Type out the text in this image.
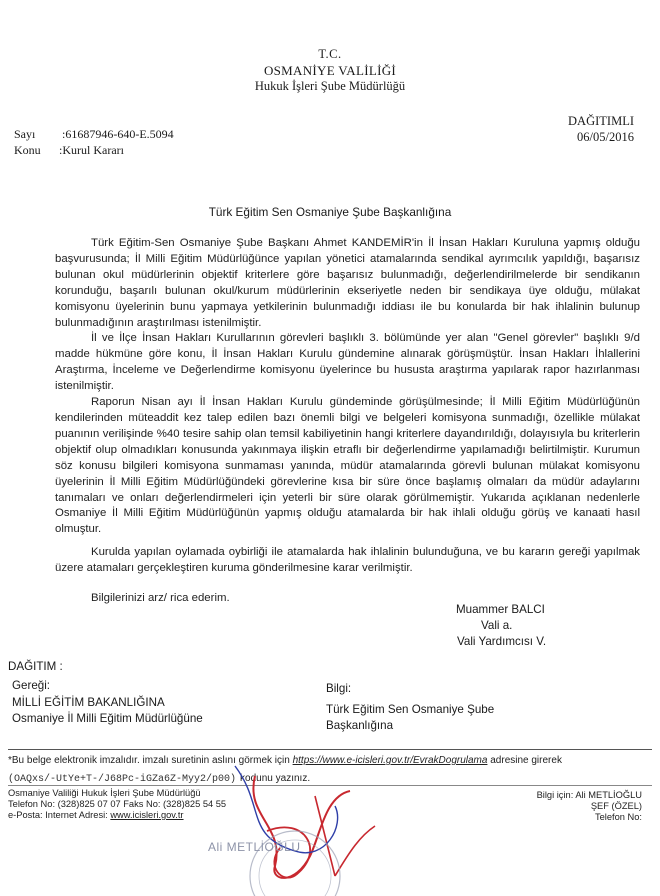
T.C.
OSMANİYE VALİLİĞİ
Hukuk İşleri Şube Müdürlüğü
DAĞITIMLI
06/05/2016
Sayı :61687946-640-E.5094
Konu :Kurul Kararı
Türk Eğitim Sen Osmaniye Şube Başkanlığına

Türk Eğitim-Sen Osmaniye Şube Başkanı Ahmet KANDEMİR'in İl İnsan Hakları Kuruluna yapmış olduğu başvurusunda; İl Milli Eğitim Müdürlüğünce yapılan yönetici atamalarında sendikal ayrımcılık yapıldığı, başarısız bulunan okul müdürlerinin objektif kriterlere göre başarısız bulunmadığı, değerlendirilmelerde bir sendikanın korunduğu, başarılı bulunan okul/kurum müdürlerinin ekseriyetle neden bir sendikaya üye olduğu, mülakat komisyonu üyelerinin bunu yapmaya yetkilerinin bulunmadığı iddiası ile bu konularda bir hak ihlalinin bulunup bulunmadığının araştırılması istenilmiştir.

İl ve İlçe İnsan Hakları Kurullarının görevleri başlıklı 3. bölümünde yer alan "Genel görevler" başlıklı 9/d madde hükmüne göre konu, İl İnsan Hakları Kurulu gündemine alınarak görüşmüştür. İnsan Hakları İhlallerini Araştırma, İnceleme ve Değerlendirme komisyonu üyelerince bu hususta araştırma yapılarak rapor hazırlanması istenilmiştir.

Raporun Nisan ayı İl İnsan Hakları Kurulu gündeminde görüşülmesinde; İl Milli Eğitim Müdürlüğünün kendilerinden müteaddit kez talep edilen bazı önemli bilgi ve belgeleri komisyona sunmadığı, özellikle mülakat puanının verilişinde %40 tesire sahip olan temsil kabiliyetinin hangi kriterlere dayandırıldığı, dolayısıyla bu kriterlerin objektif olup olmadıkları konusunda yakınmaya ilişkin etraflı bir değerlendirme yapılamadığı belirtilmiştir. Kurumun söz konusu bilgileri komisyona sunmaması yanında, müdür atamalarında görevli bulunan mülakat komisyonu üyelerinin İl Milli Eğitim Müdürlüğündeki görevlerine kısa bir süre önce başlamış olmaları da müdür adaylarını tanımaları ve onları değerlendirmeleri için yeterli bir süre olarak görülmemiştir. Yukarıda açıklanan nedenlerle Osmaniye İl Milli Eğitim Müdürlüğünün yapmış olduğu atamalarda bir hak ihlali olduğu görüş ve kanaati hasıl olmuştur.

Kurulda yapılan oylamada oybirliği ile atamalarda hak ihlalinin bulunduğuna, ve bu kararın gereği yapılmak üzere atamaları gerçekleştiren kuruma gönderilmesine karar verilmiştir.

Bilgilerinizi arz/ rica ederim.

Muammer BALCI
Vali a.
Vali Yardımcısı V.
DAĞITIM :
Gereği:
MİLLİ EĞİTİM BAKANLIĞINA
Osmaniye İl Milli Eğitim Müdürlüğüne
Bilgi:
Türk Eğitim Sen Osmaniye Şube
Başkanlığına
*Bu belge elektronik imzalıdır. imzalı suretinin aslını görmek için https://www.e-icisleri.gov.tr/EvrakDogrulama adresine girerek
(OAQxs/-UtYe+T-/J68Pc-iGZa6Z-Myy2/p00) kodunu yazınız.
Osmaniye Valiliği Hukuk İşleri Şube Müdürlüğü
Telefon No: (328)825 07 07 Faks No: (328)825 54 55
e-Posta: Internet Adresi: www.icisleri.gov.tr
Bilgi için: Ali METLİOĞLU
ŞEF (ÖZEL)
Telefon No:
Ali METLİOĞLU
